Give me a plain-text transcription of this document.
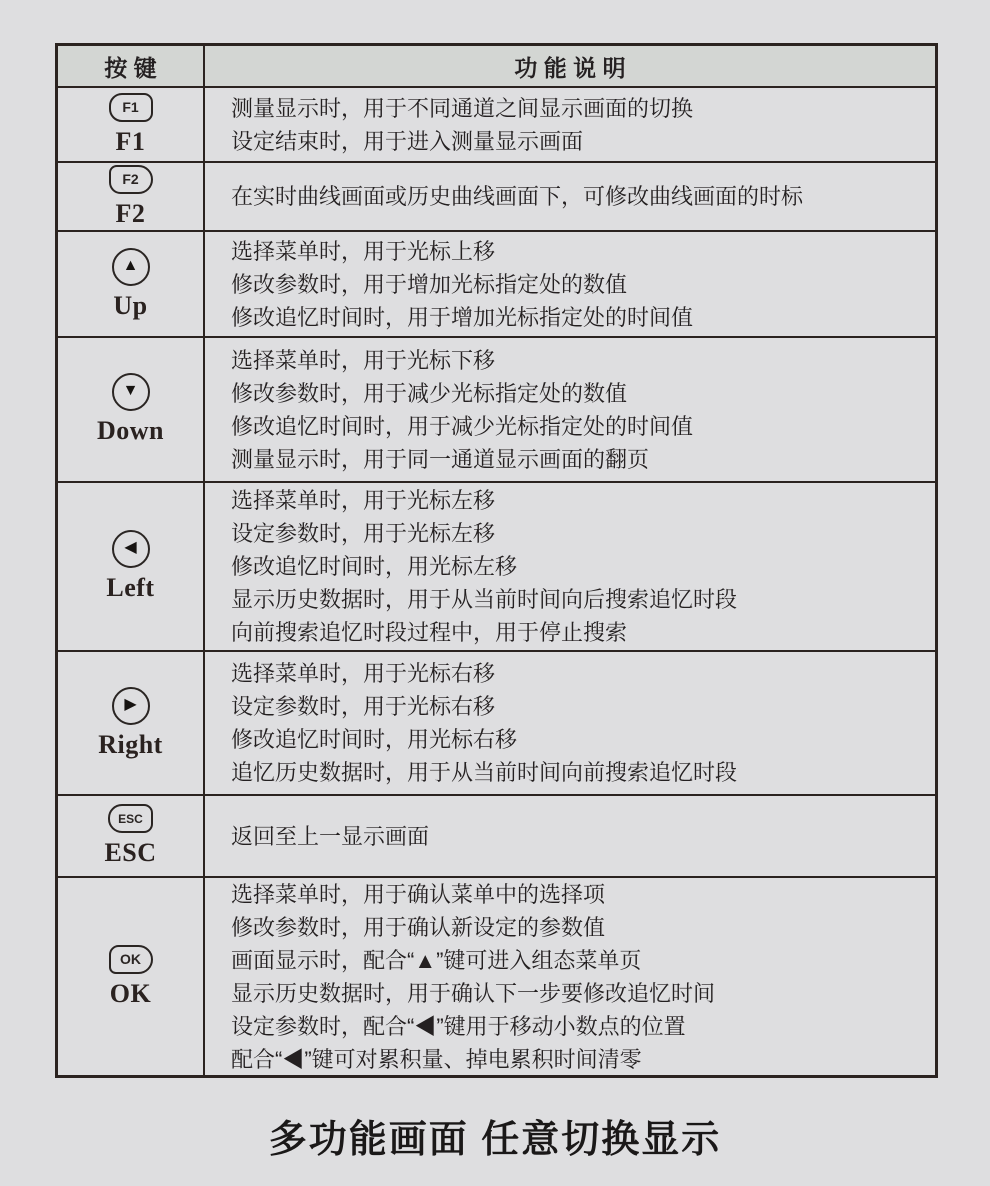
按 键	功 能 说 明
F1
F1
测量显示时，用于不同通道之间显示画面的切换
设定结束时，用于进入测量显示画面
F2
F2
在实时曲线画面或历史曲线画面下，可修改曲线画面的时标
▲
Up
选择菜单时，用于光标上移
修改参数时，用于增加光标指定处的数值
修改追忆时间时，用于增加光标指定处的时间值
▼
Down
选择菜单时，用于光标下移
修改参数时，用于减少光标指定处的数值
修改追忆时间时，用于减少光标指定处的时间值
测量显示时，用于同一通道显示画面的翻页
◀
Left
选择菜单时，用于光标左移
设定参数时，用于光标左移
修改追忆时间时，用光标左移
显示历史数据时，用于从当前时间向后搜索追忆时段
向前搜索追忆时段过程中，用于停止搜索
▶
Right
选择菜单时，用于光标右移
设定参数时，用于光标右移
修改追忆时间时，用光标右移
追忆历史数据时，用于从当前时间向前搜索追忆时段
ESC
ESC
返回至上一显示画面
OK
OK
选择菜单时，用于确认菜单中的选择项
修改参数时，用于确认新设定的参数值
画面显示时，配合“▲”键可进入组态菜单页
显示历史数据时，用于确认下一步要修改追忆时间
设定参数时，配合“◀”键用于移动小数点的位置
配合“◀”键可对累积量、掉电累积时间清零
多功能画面 任意切换显示
